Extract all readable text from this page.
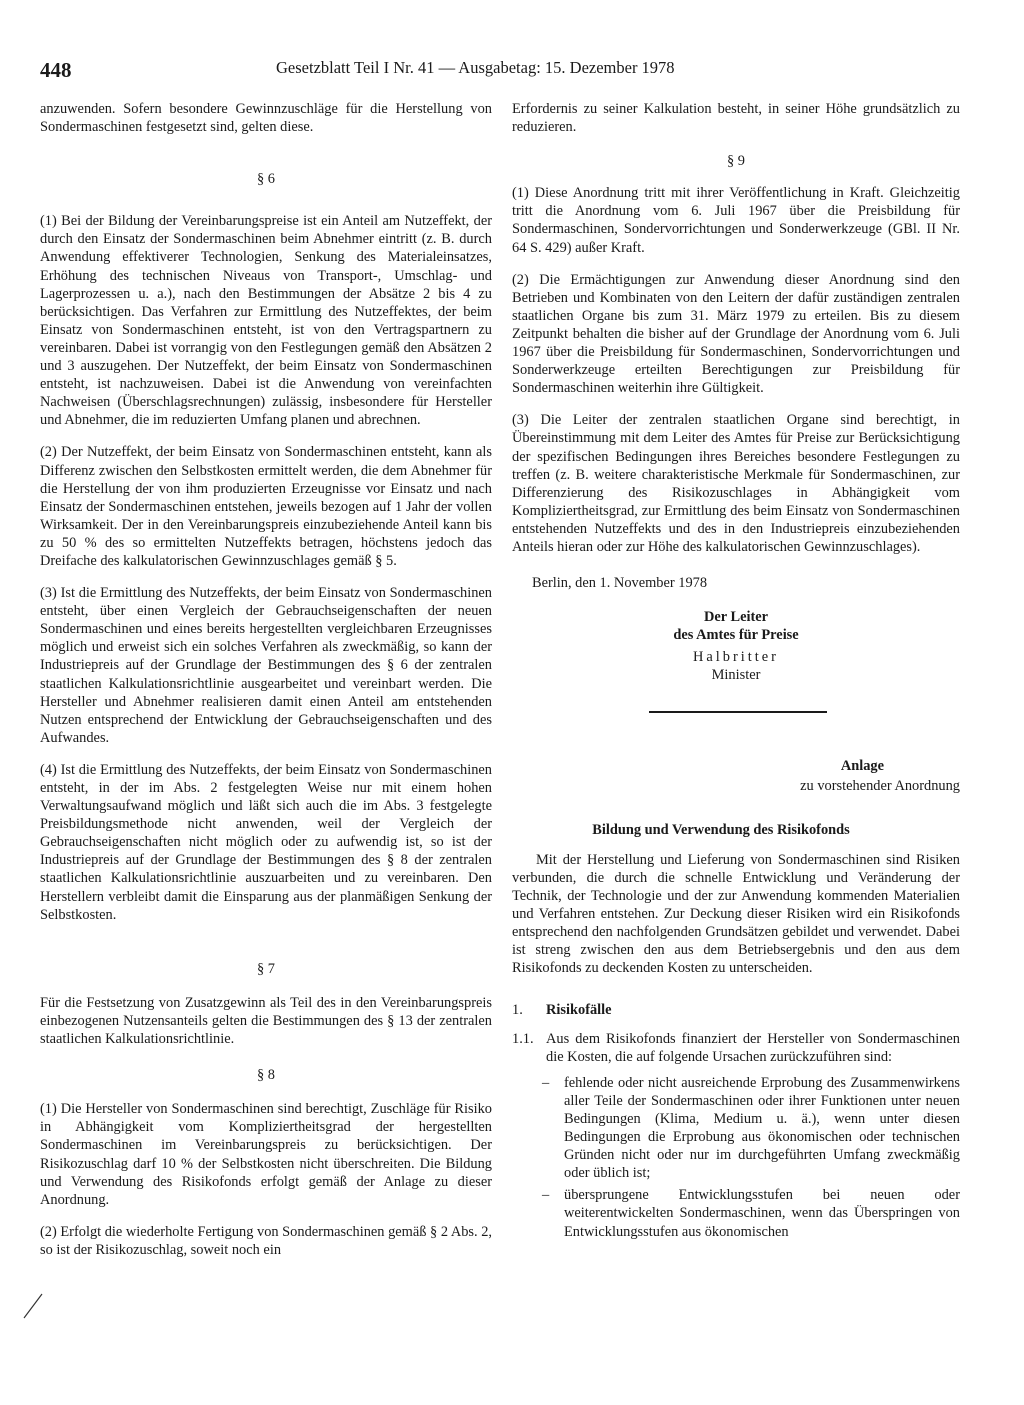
448	Gesetzblatt Teil I Nr. 41 — Ausgabetag: 15. Dezember 1978

anzuwenden. Sofern besondere Gewinnzuschläge für die Herstellung von Sondermaschinen festgesetzt sind, gelten diese.

§ 6

(1) Bei der Bildung der Vereinbarungspreise ist ein Anteil am Nutzeffekt, der durch den Einsatz der Sondermaschinen beim Abnehmer eintritt (z. B. durch Anwendung effektiverer Technologien, Senkung des Materialeinsatzes, Erhöhung des technischen Niveaus von Transport-, Umschlag- und Lagerprozessen u. a.), nach den Bestimmungen der Absätze 2 bis 4 zu berücksichtigen. Das Verfahren zur Ermittlung des Nutzeffektes, der beim Einsatz von Sondermaschinen entsteht, ist von den Vertragspartnern zu vereinbaren. Dabei ist vorrangig von den Festlegungen gemäß den Absätzen 2 und 3 auszugehen. Der Nutzeffekt, der beim Einsatz von Sondermaschinen entsteht, ist nachzuweisen. Dabei ist die Anwendung von vereinfachten Nachweisen (Überschlagsrechnungen) zulässig, insbesondere für Hersteller und Abnehmer, die im reduzierten Umfang planen und abrechnen.

(2) Der Nutzeffekt, der beim Einsatz von Sondermaschinen entsteht, kann als Differenz zwischen den Selbstkosten ermittelt werden, die dem Abnehmer für die Herstellung der von ihm produzierten Erzeugnisse vor Einsatz und nach Einsatz der Sondermaschinen entstehen, jeweils bezogen auf 1 Jahr der vollen Wirksamkeit. Der in den Vereinbarungspreis einzubeziehende Anteil kann bis zu 50 % des so ermittelten Nutzeffekts betragen, höchstens jedoch das Dreifache des kalkulatorischen Gewinnzuschlages gemäß § 5.

(3) Ist die Ermittlung des Nutzeffekts, der beim Einsatz von Sondermaschinen entsteht, über einen Vergleich der Gebrauchseigenschaften der neuen Sondermaschinen und eines bereits hergestellten vergleichbaren Erzeugnisses möglich und erweist sich ein solches Verfahren als zweckmäßig, so kann der Industriepreis auf der Grundlage der Bestimmungen des § 6 der zentralen staatlichen Kalkulationsrichtlinie ausgearbeitet und vereinbart werden. Die Hersteller und Abnehmer realisieren damit einen Anteil am entstehenden Nutzen entsprechend der Entwicklung der Gebrauchseigenschaften und des Aufwandes.

(4) Ist die Ermittlung des Nutzeffekts, der beim Einsatz von Sondermaschinen entsteht, in der im Abs. 2 festgelegten Weise nur mit einem hohen Verwaltungsaufwand möglich und läßt sich auch die im Abs. 3 festgelegte Preisbildungsmethode nicht anwenden, weil der Vergleich der Gebrauchseigenschaften nicht möglich oder zu aufwendig ist, so ist der Industriepreis auf der Grundlage der Bestimmungen des § 8 der zentralen staatlichen Kalkulationsrichtlinie auszuarbeiten und zu vereinbaren. Den Herstellern verbleibt damit die Einsparung aus der planmäßigen Senkung der Selbstkosten.

§ 7

Für die Festsetzung von Zusatzgewinn als Teil des in den Vereinbarungspreis einbezogenen Nutzensanteils gelten die Bestimmungen des § 13 der zentralen staatlichen Kalkulationsrichtlinie.

§ 8

(1) Die Hersteller von Sondermaschinen sind berechtigt, Zuschläge für Risiko in Abhängigkeit vom Kompliziertheitsgrad der hergestellten Sondermaschinen im Vereinbarungspreis zu berücksichtigen. Der Risikozuschlag darf 10 % der Selbstkosten nicht überschreiten. Die Bildung und Verwendung des Risikofonds erfolgt gemäß der Anlage zu dieser Anordnung.

(2) Erfolgt die wiederholte Fertigung von Sondermaschinen gemäß § 2 Abs. 2, so ist der Risikozuschlag, soweit noch ein

Erfordernis zu seiner Kalkulation besteht, in seiner Höhe grundsätzlich zu reduzieren.

§ 9

(1) Diese Anordnung tritt mit ihrer Veröffentlichung in Kraft. Gleichzeitig tritt die Anordnung vom 6. Juli 1967 über die Preisbildung für Sondermaschinen, Sondervorrichtungen und Sonderwerkzeuge (GBl. II Nr. 64 S. 429) außer Kraft.

(2) Die Ermächtigungen zur Anwendung dieser Anordnung sind den Betrieben und Kombinaten von den Leitern der dafür zuständigen zentralen staatlichen Organe bis zum 31. März 1979 zu erteilen. Bis zu diesem Zeitpunkt behalten die bisher auf der Grundlage der Anordnung vom 6. Juli 1967 über die Preisbildung für Sondermaschinen, Sondervorrichtungen und Sonderwerkzeuge erteilten Berechtigungen zur Preisbildung für Sondermaschinen weiterhin ihre Gültigkeit.

(3) Die Leiter der zentralen staatlichen Organe sind berechtigt, in Übereinstimmung mit dem Leiter des Amtes für Preise zur Berücksichtigung der spezifischen Bedingungen ihres Bereiches besondere Festlegungen zu treffen (z. B. weitere charakteristische Merkmale für Sondermaschinen, zur Differenzierung des Risikozuschlages in Abhängigkeit vom Kompliziertheitsgrad, zur Ermittlung des beim Einsatz von Sondermaschinen entstehenden Nutzeffekts und des in den Industriepreis einzubeziehenden Anteils hieran oder zur Höhe des kalkulatorischen Gewinnzuschlages).

Berlin, den 1. November 1978

Der Leiter

des Amtes für Preise

Halbritter

Minister

Anlage

zu vorstehender Anordnung

Bildung und Verwendung des Risikofonds

Mit der Herstellung und Lieferung von Sondermaschinen sind Risiken verbunden, die durch die schnelle Entwicklung und Veränderung der Technik, der Technologie und der zur Anwendung kommenden Materialien und Verfahren entstehen. Zur Deckung dieser Risiken wird ein Risikofonds entsprechend den nachfolgenden Grundsätzen gebildet und verwendet. Dabei ist streng zwischen den aus dem Betriebsergebnis und den aus dem Risikofonds zu deckenden Kosten zu unterscheiden.

1.	Risikofälle
1.1. Aus dem Risikofonds finanziert der Hersteller von Sondermaschinen die Kosten, die auf folgende Ursachen zurückzuführen sind:
–	fehlende oder nicht ausreichende Erprobung des Zusammenwirkens aller Teile der Sondermaschinen oder ihrer Funktionen unter neuen Bedingungen (Klima, Medium u. ä.), wenn unter diesen Bedingungen die Erprobung aus ökonomischen oder technischen Gründen nicht oder nur im durchgeführten Umfang zweckmäßig oder üblich ist;
–	übersprungene Entwicklungsstufen bei neuen oder weiterentwickelten Sondermaschinen, wenn das Überspringen von Entwicklungsstufen aus ökonomischen
